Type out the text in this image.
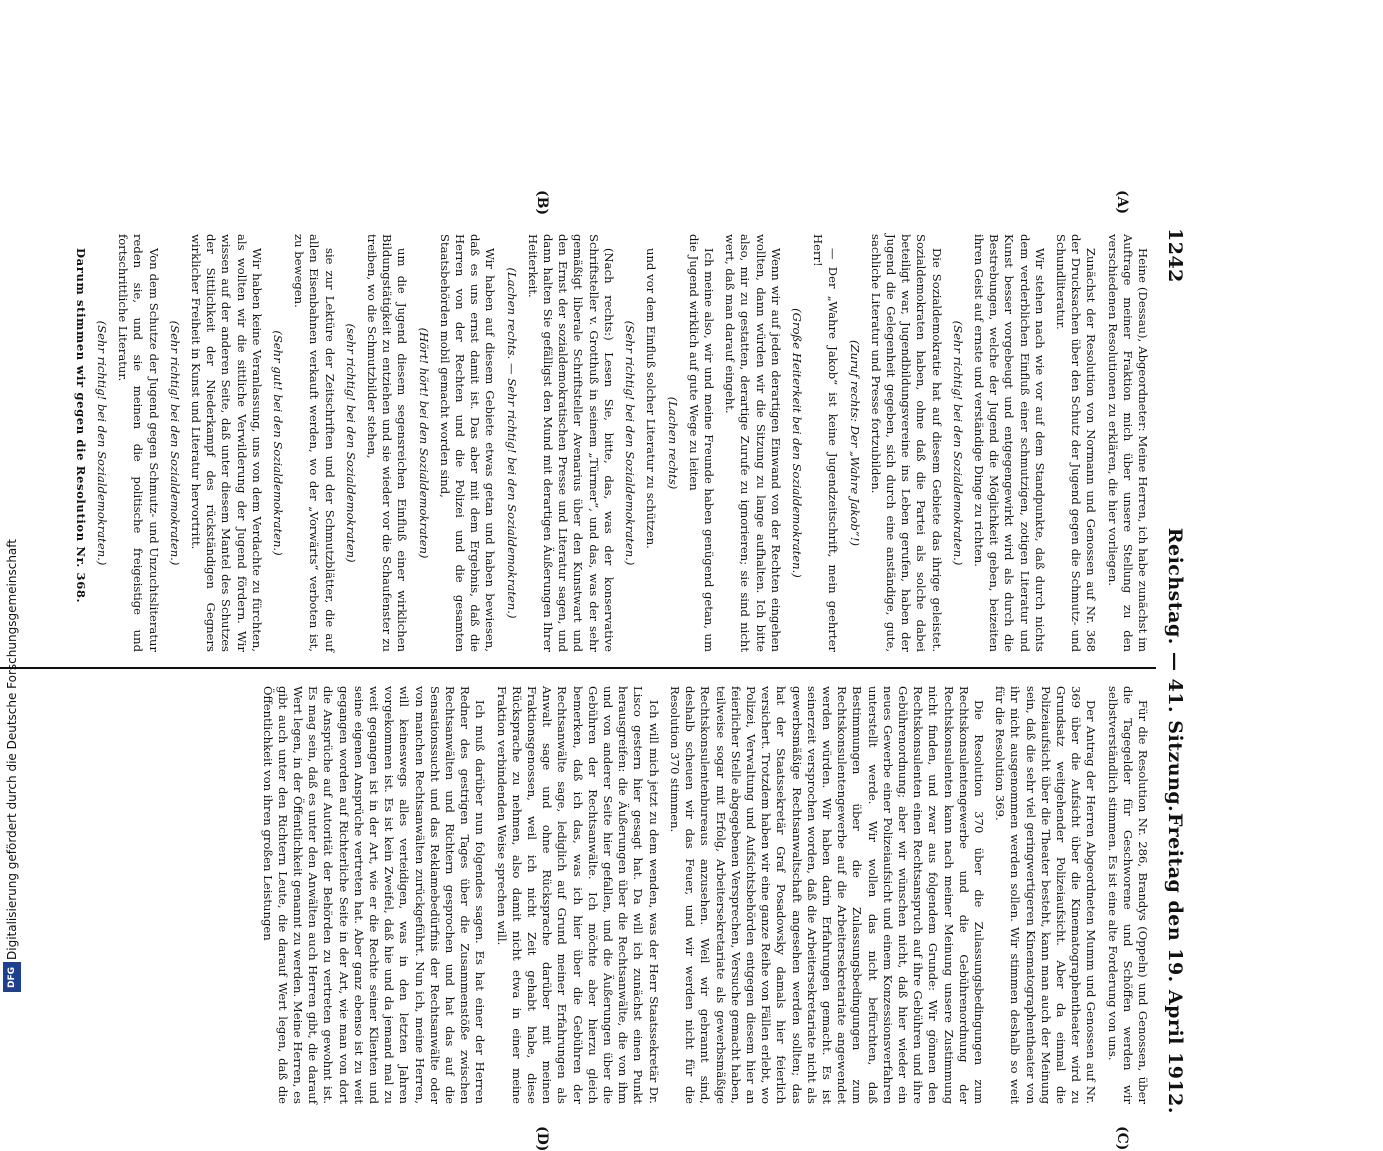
1242
Reichstag. — 41. Sitzung.
Freitag den 19. April 1912.
(A)
(B)
(C)
(D)

Heine (Dessau), Abgeordneter: Meine Herren, ich habe zunächst im Auftrage meiner Fraktion mich über unsere Stellung zu den verschiedenen Resolutionen zu erklären, die hier vorliegen.

Zunächst der Resolution von Normann und Genossen auf Nr. 368 der Drucksachen über den Schutz der Jugend gegen die Schmutz- und Schundliteratur.

Wir stehen nach wie vor auf dem Standpunkte, daß durch nichts dem verderblichen Einfluß einer schmutzigen, zotigen Literatur und Kunst besser vorgebeugt und entgegengewirkt wird als durch die Bestrebungen, welche der Jugend die Möglichkeit geben, beizeiten ihren Geist auf ernste und verständige Dinge zu richten.

(Sehr richtig! bei den Sozialdemokraten.)

Die Sozialdemokratie hat auf diesem Gebiete das ihrige geleistet. Sozialdemokraten haben, ohne daß die Partei als solche dabei beteiligt war, Jugendbildungsvereine ins Leben gerufen, haben der Jugend die Gelegenheit gegeben, sich durch eine anständige, gute, sachliche Literatur und Presse fortzubilden.

(Zuruf rechts: Der „Wahre Jakob“!)

— Der „Wahre Jakob“ ist keine Jugendzeitschrift, mein geehrter Herr!

(Große Heiterkeit bei den Sozialdemokraten.)

Wenn wir auf jeden derartigen Einwand von der Rechten eingehen wollten, dann würden wir die Sitzung zu lange aufhalten. Ich bitte also, mir zu gestatten, derartige Zurufe zu ignorieren; sie sind nicht wert, daß man darauf eingeht.

Ich meine also, wir und meine Freunde haben genügend getan, um die Jugend wirklich auf gute Wege zu leiten

(Lachen rechts)

und vor dem Einfluß solcher Literatur zu schützen.

(Sehr richtig! bei den Sozialdemokraten.)

(Nach rechts:) Lesen Sie, bitte, das, was der konservative Schriftsteller v. Grotthuß in seinem „Türmer“, und das, was der sehr gemäßigt liberale Schriftsteller Avenarius über den Kunstwart und den Ernst der sozialdemokratischen Presse und Literatur sagen, und dann halten Sie gefälligst den Mund mit derartigen Äußerungen Ihrer Heiterkeit.

(Lachen rechts. — Sehr richtig! bei den Sozialdemokraten.)

Wir haben auf diesem Gebiete etwas getan und haben bewiesen, daß es uns ernst damit ist. Das aber mit dem Ergebnis, daß die Herren von der Rechten und die Polizei und die gesamten Staatsbehörden mobil gemacht worden sind,

(Hört! hört! bei den Sozialdemokraten)

um die Jugend diesem segensreichen Einfluß einer wirklichen Bildungstätigkeit zu entziehen und sie wieder vor die Schaufenster zu treiben, wo die Schmutzbilder stehen,

(sehr richtig! bei den Sozialdemokraten)

sie zur Lektüre der Zeitschriften und der Schmutzblätter, die auf allen Eisenbahnen verkauft werden, wo der „Vorwärts“ verboten ist, zu bewegen.

(Sehr gut! bei den Sozialdemokraten.)

Wir haben keine Veranlassung, uns von dem Verdachte zu fürchten, als wollten wir die sittliche Verwilderung der Jugend fördern. Wir wissen auf der anderen Seite, daß unter diesem Mantel des Schutzes der Sittlichkeit der Niederkampf des rückständigen Gegners wirklicher Freiheit in Kunst und Literatur hervortritt.

(Sehr richtig! bei den Sozialdemokraten.)

Von dem Schutze der Jugend gegen Schmutz- und Unzuchtsliteratur reden sie, und sie meinen die politische freigeistige und fortschrittliche Literatur.

(Sehr richtig! bei den Sozialdemokraten.)

Darum stimmen wir gegen die Resolution Nr. 368.

Für die Resolution Nr. 286, Brandys (Oppeln) und Genossen, über die Tagegelder für Geschworene und Schöffen werden wir selbstverständlich stimmen. Es ist eine alte Forderung von uns.

Der Antrag der Herren Abgeordneten Mumm und Genossen auf Nr. 369 über die Aufsicht über die Kinematographentheater wird zu Grundsatz weitgehender Polizeiaufsicht. Aber da einmal die Polizeiaufsicht über die Theater besteht, kann man auch der Meinung sein, daß die sehr viel geringwertigeren Kinematographentheater von ihr nicht ausgenommen werden sollen. Wir stimmen deshalb so weit für die Resolution 369.

Die Resolution 370 über die Zulassungsbedingungen zum Rechtskonsulentengewerbe und die Gebührenordnung der Rechtskonsulenten kann nach meiner Meinung unsere Zustimmung nicht finden, und zwar aus folgendem Grunde: Wir gönnen den Rechtskonsulenten einen Rechtsanspruch auf ihre Gebühren und ihre Gebührenordnung; aber wir wünschen nicht, daß hier wieder ein neues Gewerbe einer Polizeiaufsicht und einem Konzessionsverfahren unterstellt werde. Wir wollen das nicht befürchten, daß Bestimmungen über die Zulassungsbedingungen zum Rechtskonsulentengewerbe auf die Arbeitersekretariate angewendet werden würden. Wir haben darin Erfahrungen gemacht. Es ist seinerzeit versprochen worden, daß die Arbeitersekretariate nicht als gewerbsmäßige Rechtsanwaltschaft angesehen werden sollten; das hat der Staatssekretär Graf Posadowsky damals hier feierlich versichert. Trotzdem haben wir eine ganze Reihe von Fällen erlebt, wo Polizei, Verwaltung und Aufsichtsbehörden entgegen diesem hier an feierlicher Stelle abgegebenen Versprechen, Versuche gemacht haben, teilweise sogar mit Erfolg, Arbeitersekretariate als gewerbsmäßige Rechtskonsulentenbureaus anzusehen. Weil wir gebrannt sind, deshalb scheuen wir das Feuer, und wir werden nicht für die Resolution 370 stimmen.

Ich will mich jetzt zu dem wenden, was der Herr Staatssekretär Dr. Lisco gestern hier gesagt hat. Da will ich zunächst einen Punkt herausgreifen: die Äußerungen über die Rechtsanwälte, die von ihm und von anderer Seite hier gefallen, und die Äußerungen über die Gebühren der Rechtsanwälte. Ich möchte aber hierzu gleich bemerken, daß ich das, was ich hier über die Gebühren der Rechtsanwälte sage, lediglich auf Grund meiner Erfahrungen als Anwalt sage und ohne Rücksprache darüber mit meinen Fraktionsgenossen, weil ich nicht Zeit gehabt habe, diese Rücksprache zu nehmen, also damit nicht etwa in einer meine Fraktion verbindenden Weise sprechen will.

Ich muß darüber nun folgendes sagen. Es hat einer der Herren Redner des gestrigen Tages über die Zusammenstöße zwischen Rechtsanwälten und Richtern gesprochen und hat das auf die Sensationssucht und das Reklamebedürfnis der Rechtsanwälte oder von manchen Rechtsanwälten zurückgeführt. Nun ich, meine Herren, will keineswegs alles verteidigen, was in den letzten Jahren vorgekommen ist. Es ist kein Zweifel, daß hie und da jemand mal zu weit gegangen ist in der Art, wie er die Rechte seiner Klienten und seine eigenen Ansprüche vertreten hat. Aber ganz ebenso ist zu weit gegangen worden auf Richterliche Seite in der Art, wie man von dort die Ansprüche auf Autorität der Behörden zu vertreten gewohnt ist. Es mag sein, daß es unter den Anwälten auch Herren gibt, die darauf Wert legen, in der Öffentlichkeit genannt zu werden. Meine Herren, es gibt auch unter den Richtern Leute, die darauf Wert legen, daß die Öffentlichkeit von ihren großen Leistungen

Digitalisierung gefördert durch die Deutsche Forschungsgemeinschaft
DFG
